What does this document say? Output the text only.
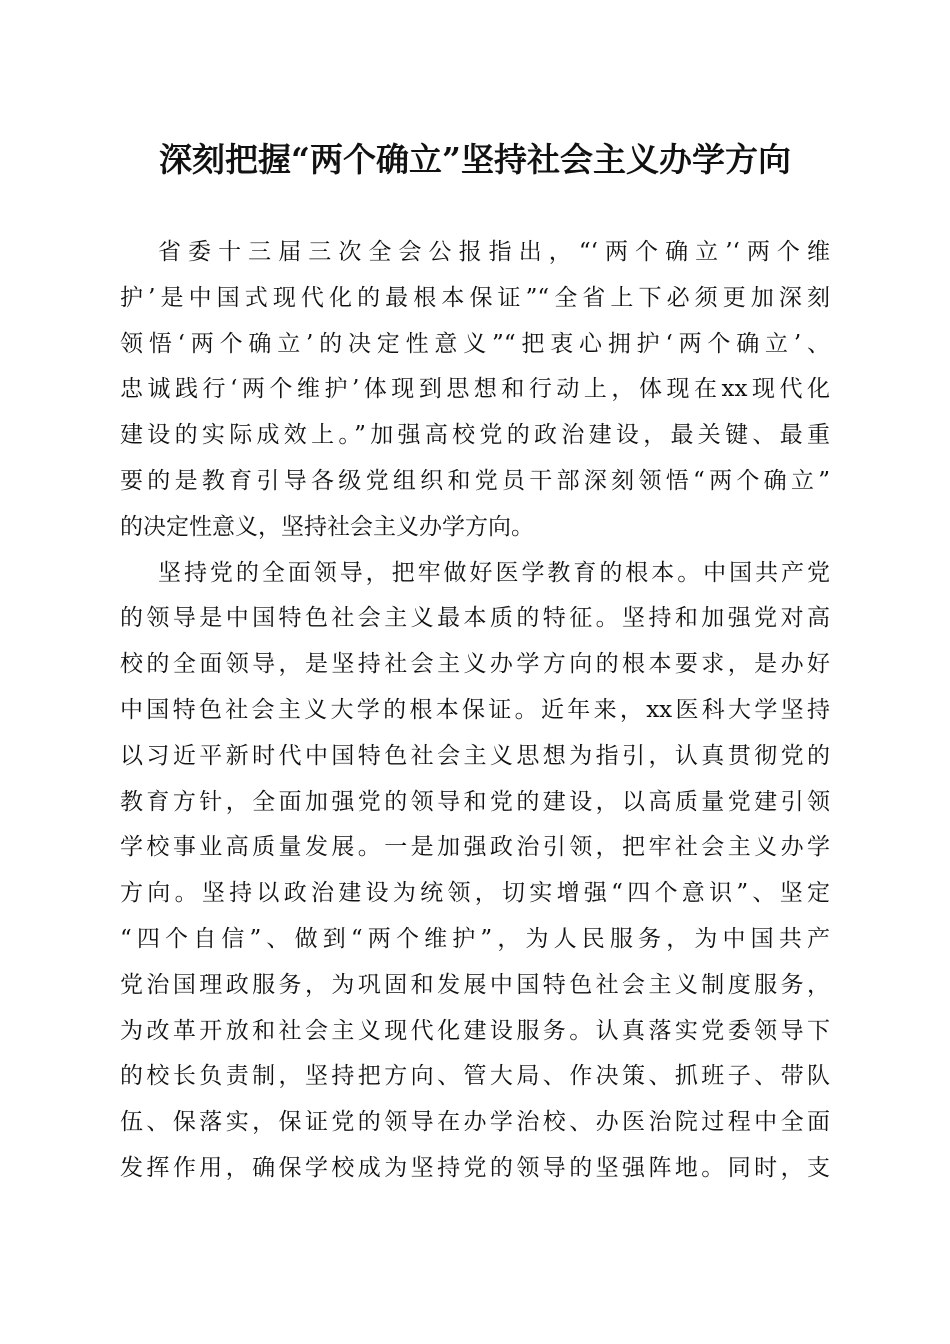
深刻把握“两个确立”坚持社会主义办学方向

省委十三届三次全会公报指出，“‘两个确立’‘两个维
护’是中国式现代化的最根本保证”“全省上下必须更加深刻
领悟‘两个确立’的决定性意义”“把衷心拥护‘两个确立’、
忠诚践行‘两个维护’体现到思想和行动上，体现在xx现代化
建设的实际成效上。”加强高校党的政治建设，最关键、最重
要的是教育引导各级党组织和党员干部深刻领悟“两个确立”
的决定性意义，坚持社会主义办学方向。

坚持党的全面领导，把牢做好医学教育的根本。中国共产党
的领导是中国特色社会主义最本质的特征。坚持和加强党对高
校的全面领导，是坚持社会主义办学方向的根本要求，是办好
中国特色社会主义大学的根本保证。近年来，xx医科大学坚持
以习近平新时代中国特色社会主义思想为指引，认真贯彻党的
教育方针，全面加强党的领导和党的建设，以高质量党建引领
学校事业高质量发展。一是加强政治引领，把牢社会主义办学
方向。坚持以政治建设为统领，切实增强“四个意识”、坚定
“四个自信”、做到“两个维护”，为人民服务，为中国共产
党治国理政服务，为巩固和发展中国特色社会主义制度服务，
为改革开放和社会主义现代化建设服务。认真落实党委领导下
的校长负责制，坚持把方向、管大局、作决策、抓班子、带队
伍、保落实，保证党的领导在办学治校、办医治院过程中全面
发挥作用，确保学校成为坚持党的领导的坚强阵地。同时，支
